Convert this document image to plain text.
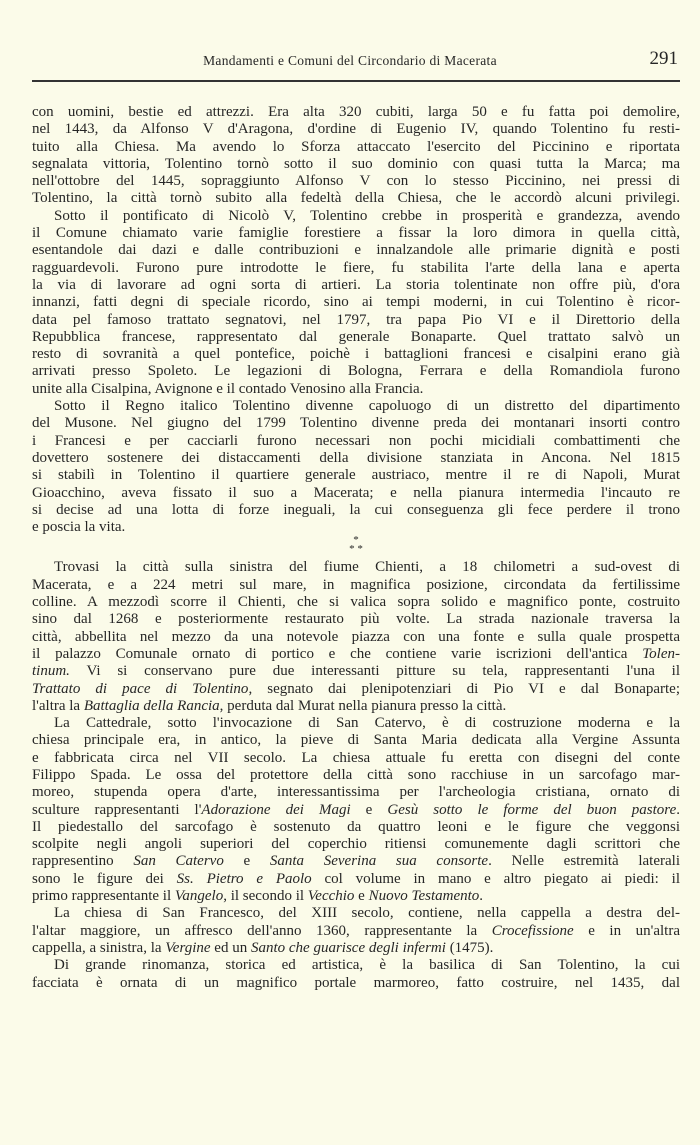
Mandamenti e Comuni del Circondario di Macerata	291
con uomini, bestie ed attrezzi. Era alta 320 cubiti, larga 50 e fu fatta poi demolire,
nel 1443, da Alfonso V d'Aragona, d'ordine di Eugenio IV, quando Tolentino fu resti-
tuito alla Chiesa. Ma avendo lo Sforza attaccato l'esercito del Piccinino e riportata
segnalata vittoria, Tolentino tornò sotto il suo dominio con quasi tutta la Marca; ma
nell'ottobre del 1445, sopraggiunto Alfonso V con lo stesso Piccinino, nei pressi di
Tolentino, la città tornò subito alla fedeltà della Chiesa, che le accordò alcuni privilegi.
Sotto il pontificato di Nicolò V, Tolentino crebbe in prosperità e grandezza, avendo
il Comune chiamato varie famiglie forestiere a fissar la loro dimora in quella città,
esentandole dai dazi e dalle contribuzioni e innalzandole alle primarie dignità e posti
ragguardevoli. Furono pure introdotte le fiere, fu stabilita l'arte della lana e aperta
la via di lavorare ad ogni sorta di artieri. La storia tolentinate non offre più, d'ora
innanzi, fatti degni di speciale ricordo, sino ai tempi moderni, in cui Tolentino è ricor-
data pel famoso trattato segnatovi, nel 1797, tra papa Pio VI e il Direttorio della
Repubblica francese, rappresentato dal generale Bonaparte. Quel trattato salvò un
resto di sovranità a quel pontefice, poichè i battaglioni francesi e cisalpini erano già
arrivati presso Spoleto. Le legazioni di Bologna, Ferrara e della Romandiola furono
unite alla Cisalpina, Avignone e il contado Venosino alla Francia.
Sotto il Regno italico Tolentino divenne capoluogo di un distretto del dipartimento
del Musone. Nel giugno del 1799 Tolentino divenne preda dei montanari insorti contro
i Francesi e per cacciarli furono necessari non pochi micidiali combattimenti che
dovettero sostenere dei distaccamenti della divisione stanziata in Ancona. Nel 1815
si stabilì in Tolentino il quartiere generale austriaco, mentre il re di Napoli, Murat
Gioacchino, aveva fissato il suo a Macerata; e nella pianura intermedia l'incauto re
si decise ad una lotta di forze ineguali, la cui conseguenza gli fece perdere il trono
e poscia la vita.
*
* *
Trovasi la città sulla sinistra del fiume Chienti, a 18 chilometri a sud-ovest di
Macerata, e a 224 metri sul mare, in magnifica posizione, circondata da fertilissime
colline. A mezzodì scorre il Chienti, che si valica sopra solido e magnifico ponte, costruito
sino dal 1268 e posteriormente restaurato più volte. La strada nazionale traversa la
città, abbellita nel mezzo da una notevole piazza con una fonte e sulla quale prospetta
il palazzo Comunale ornato di portico e che contiene varie iscrizioni dell'antica Tolen-
tinum. Vi si conservano pure due interessanti pitture su tela, rappresentanti l'una il
Trattato di pace di Tolentino, segnato dai plenipotenziari di Pio VI e dal Bonaparte;
l'altra la Battaglia della Rancia, perduta dal Murat nella pianura presso la città.
La Cattedrale, sotto l'invocazione di San Catervo, è di costruzione moderna e la
chiesa principale era, in antico, la pieve di Santa Maria dedicata alla Vergine Assunta
e fabbricata circa nel VII secolo. La chiesa attuale fu eretta con disegni del conte
Filippo Spada. Le ossa del protettore della città sono racchiuse in un sarcofago mar-
moreo, stupenda opera d'arte, interessantissima per l'archeologia cristiana, ornato di
sculture rappresentanti l'Adorazione dei Magi e Gesù sotto le forme del buon pastore.
Il piedestallo del sarcofago è sostenuto da quattro leoni e le figure che veggonsi
scolpite negli angoli superiori del coperchio ritiensi comunemente dagli scrittori che
rappresentino San Catervo e Santa Severina sua consorte. Nelle estremità laterali
sono le figure dei Ss. Pietro e Paolo col volume in mano e altro piegato ai piedi: il
primo rappresentante il Vangelo, il secondo il Vecchio e Nuovo Testamento.
La chiesa di San Francesco, del XIII secolo, contiene, nella cappella a destra del-
l'altar maggiore, un affresco dell'anno 1360, rappresentante la Crocefissione e in un'altra
cappella, a sinistra, la Vergine ed un Santo che guarisce degli infermi (1475).
Di grande rinomanza, storica ed artistica, è la basilica di San Tolentino, la cui
facciata è ornata di un magnifico portale marmoreo, fatto costruire, nel 1435, dal
